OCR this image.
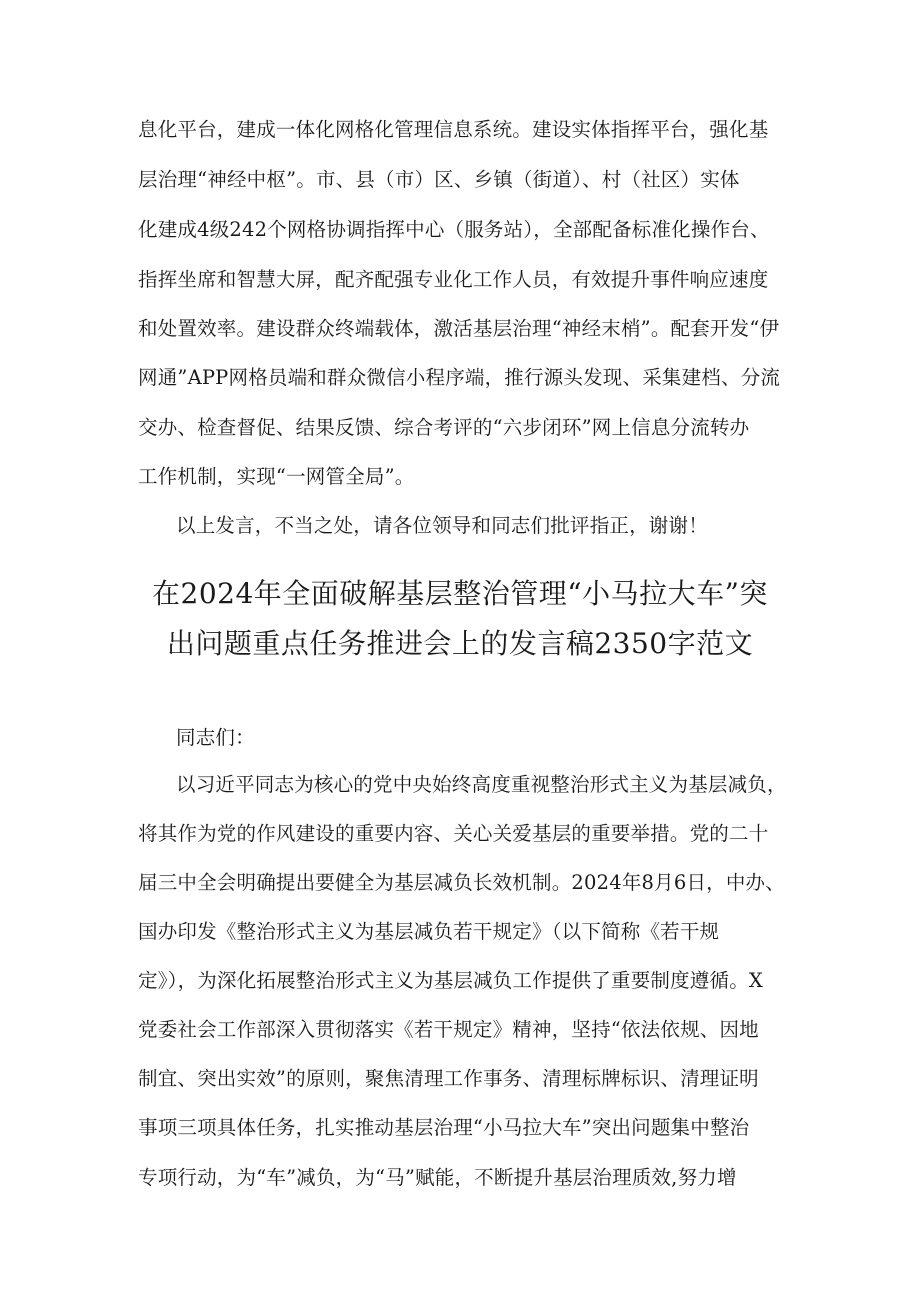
息化平台，建成一体化网格化管理信息系统。建设实体指挥平台，强化基
层治理“神经中枢”。市、县（市）区、乡镇（街道）、村（社区）实体
化建成4级242个网格协调指挥中心（服务站），全部配备标准化操作台、
指挥坐席和智慧大屏，配齐配强专业化工作人员，有效提升事件响应速度
和处置效率。建设群众终端载体，激活基层治理“神经末梢”。配套开发“伊
网通”APP网格员端和群众微信小程序端，推行源头发现、采集建档、分流
交办、检查督促、结果反馈、综合考评的“六步闭环”网上信息分流转办
工作机制，实现“一网管全局”。
以上发言，不当之处，请各位领导和同志们批评指正，谢谢！
在2024年全面破解基层整治管理“小马拉大车”突
出问题重点任务推进会上的发言稿2350字范文
同志们：
以习近平同志为核心的党中央始终高度重视整治形式主义为基层减负，
将其作为党的作风建设的重要内容、关心关爱基层的重要举措。党的二十
届三中全会明确提出要健全为基层减负长效机制。2024年8月6日，中办、
国办印发《整治形式主义为基层减负若干规定》（以下简称《若干规
定》），为深化拓展整治形式主义为基层减负工作提供了重要制度遵循。X
党委社会工作部深入贯彻落实《若干规定》精神，坚持“依法依规、因地
制宜、突出实效”的原则，聚焦清理工作事务、清理标牌标识、清理证明
事项三项具体任务，扎实推动基层治理“小马拉大车”突出问题集中整治
专项行动，为“车”减负，为“马”赋能，不断提升基层治理质效,努力增
